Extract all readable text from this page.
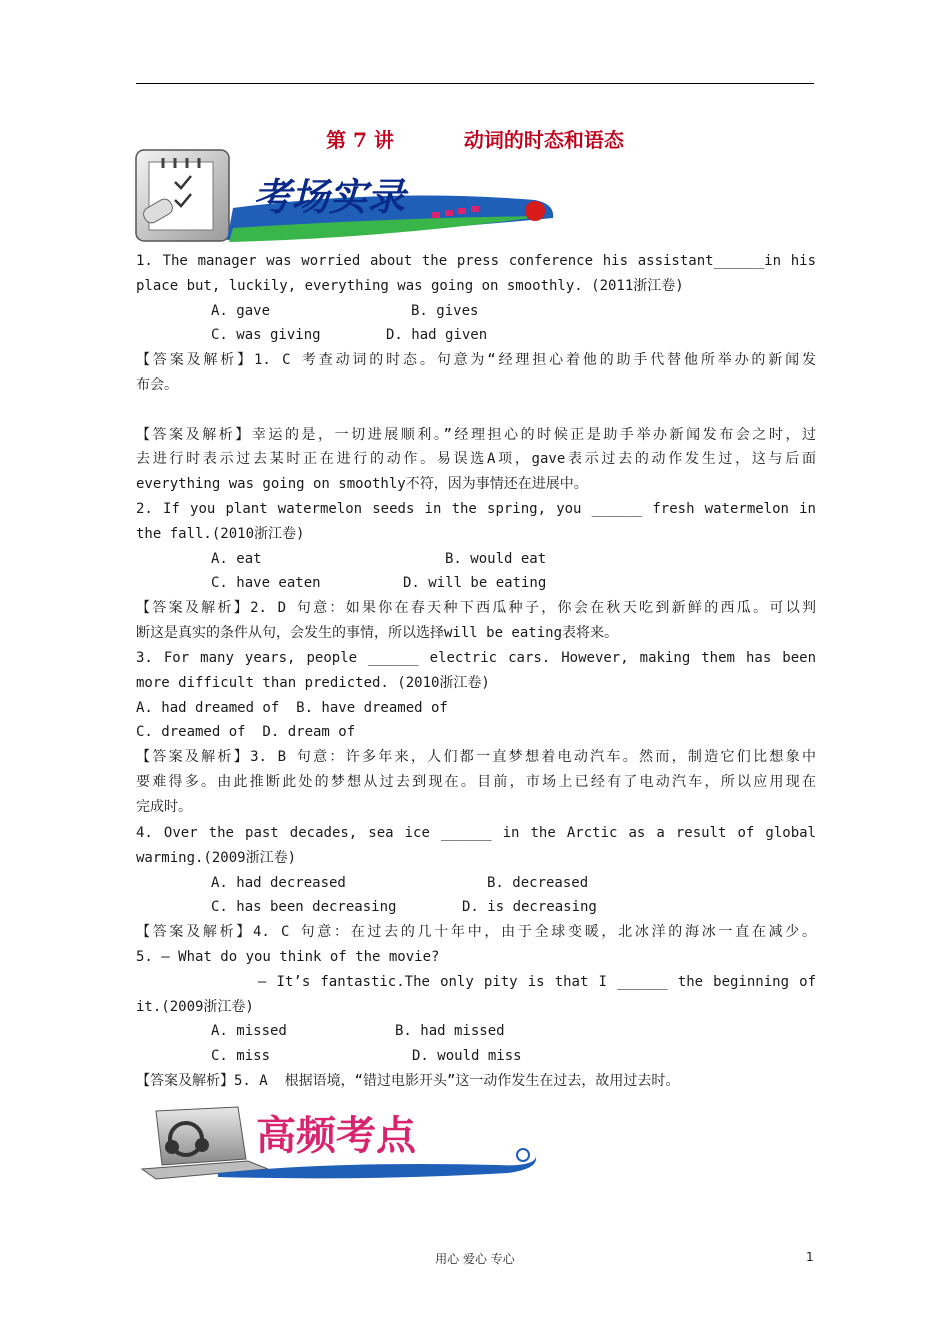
第 7 讲	动词的时态和语态
考场实录
1. The manager was worried about the press conference his assistant______in his
place but, luckily, everything was going on smoothly. (2011浙江卷)
A. gave	B. gives
C. was giving	D. had given
【答案及解析】1. C 考查动词的时态。句意为“经理担心着他的助手代替他所举办的新闻发
布会。
【答案及解析】幸运的是，一切进展顺利。”经理担心的时候正是助手举办新闻发布会之时，过
去进行时表示过去某时正在进行的动作。易误选A项，gave表示过去的动作发生过，这与后面
everything was going on smoothly不符，因为事情还在进展中。
2. If you plant watermelon seeds in the spring, you ______ fresh watermelon in
the fall.(2010浙江卷)
A. eat	B. would eat
C. have eaten	D. will be eating
【答案及解析】2. D 句意：如果你在春天种下西瓜种子，你会在秋天吃到新鲜的西瓜。可以判
断这是真实的条件从句，会发生的事情，所以选择will be eating表将来。
3. For many years, people ______ electric cars. However, making them has been
more difficult than predicted. (2010浙江卷)
A. had dreamed of  B. have dreamed of
C. dreamed of  D. dream of
【答案及解析】3. B 句意：许多年来，人们都一直梦想着电动汽车。然而，制造它们比想象中
要难得多。由此推断此处的梦想从过去到现在。目前，市场上已经有了电动汽车，所以应用现在
完成时。
4. Over the past decades, sea ice ______ in the Arctic as a result of global
warming.(2009浙江卷)
A. had decreased	B. decreased
C. has been decreasing	D. is decreasing
【答案及解析】4. C 句意：在过去的几十年中，由于全球变暖，北冰洋的海冰一直在减少。
5. — What do you think of the movie?
— It’s fantastic.The only pity is that I ______ the beginning of
it.(2009浙江卷)
A. missed	B. had missed
C. miss	D. would miss
【答案及解析】5. A  根据语境，“错过电影开头”这一动作发生在过去，故用过去时。
高频考点
用心 爱心 专心	1
